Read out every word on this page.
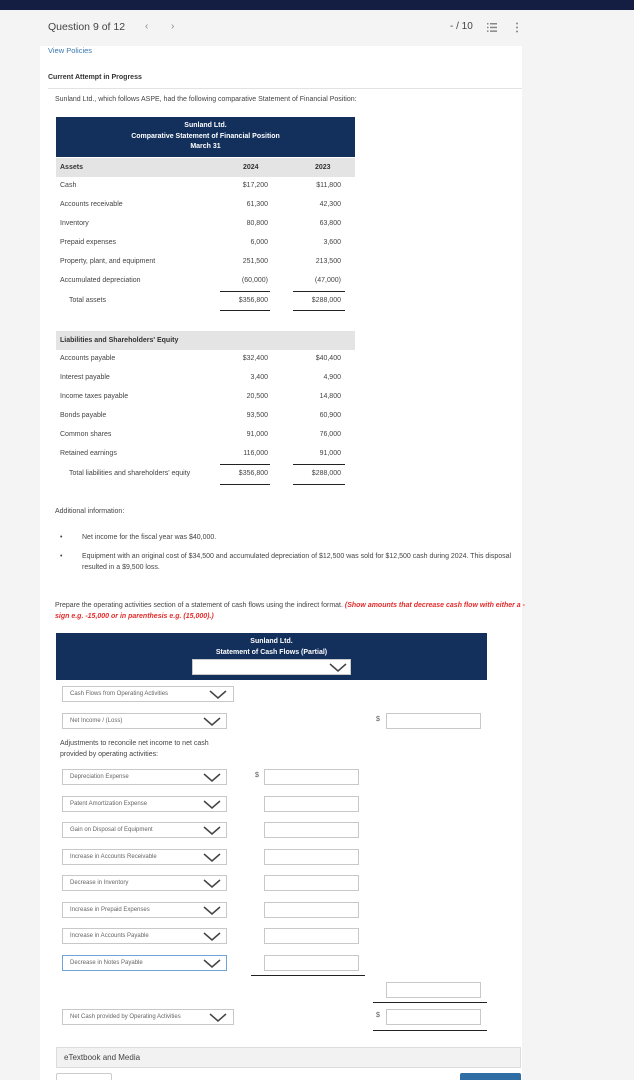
Question 9 of 12 ‹ ›	- / 10
View Policies
Current Attempt in Progress
Sunland Ltd., which follows ASPE, had the following comparative Statement of Financial Position:
Sunland Ltd.
Comparative Statement of Financial Position
March 31
Assets	2024	2023
Cash	$17,200	$11,800
Accounts receivable	61,300	42,300
Inventory	80,800	63,800
Prepaid expenses	6,000	3,600
Property, plant, and equipment	251,500	213,500
Accumulated depreciation	(60,000)	(47,000)
Total assets	$356,800	$288,000
Liabilities and Shareholders' Equity
Accounts payable	$32,400	$40,400
Interest payable	3,400	4,900
Income taxes payable	20,500	14,800
Bonds payable	93,500	60,900
Common shares	91,000	76,000
Retained earnings	116,000	91,000
Total liabilities and shareholders' equity	$356,800	$288,000
Additional information:
•	Net income for the fiscal year was $40,000.
•	Equipment with an original cost of $34,500 and accumulated depreciation of $12,500 was sold for $12,500 cash during 2024. This disposal resulted in a $9,500 loss.
Prepare the operating activities section of a statement of cash flows using the indirect format. (Show amounts that decrease cash flow with either a - sign e.g. -15,000 or in parenthesis e.g. (15,000).)
Sunland Ltd.
Statement of Cash Flows (Partial)
Cash Flows from Operating Activities
Net Income / (Loss)	$
Adjustments to reconcile net income to net cash provided by operating activities:
Depreciation Expense	$
Patent Amortization Expense
Gain on Disposal of Equipment
Increase in Accounts Receivable
Decrease in Inventory
Increase in Prepaid Expenses
Increase in Accounts Payable
Decrease in Notes Payable
Net Cash provided by Operating Activities	$
eTextbook and Media
